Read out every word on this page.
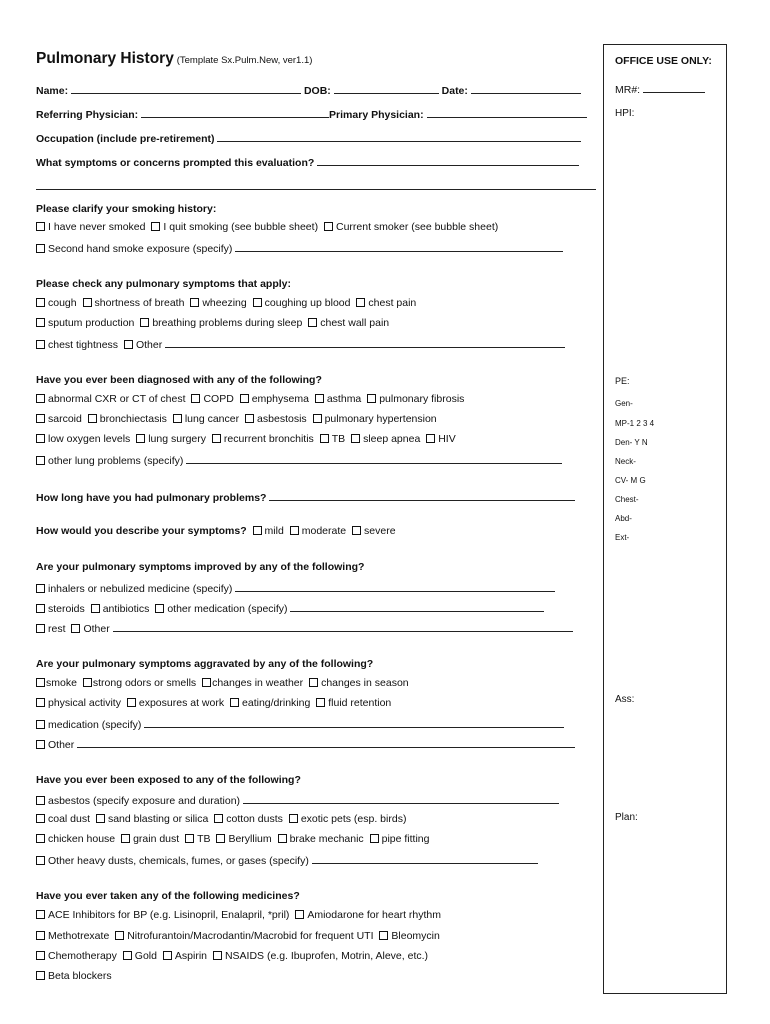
Pulmonary History (Template Sx.Pulm.New, ver1.1)
Name:	DOB:	Date:
Referring Physician:	Primary Physician:
Occupation (include pre-retirement)
What symptoms or concerns prompted this evaluation?
Please clarify your smoking history:
I have never smoked I quit smoking (see bubble sheet) Current smoker (see bubble sheet)
Second hand smoke exposure (specify)
Please check any pulmonary symptoms that apply:
cough shortness of breath wheezing coughing up blood chest pain
sputum production breathing problems during sleep chest wall pain
chest tightness Other
Have you ever been diagnosed with any of the following?
abnormal CXR or CT of chest COPD emphysema asthma pulmonary fibrosis
sarcoid bronchiectasis lung cancer asbestosis pulmonary hypertension
low oxygen levels lung surgery recurrent bronchitis TB sleep apnea HIV
other lung problems (specify)
How long have you had pulmonary problems?
How would you describe your symptoms? mild moderate severe
Are your pulmonary symptoms improved by any of the following?
inhalers or nebulized medicine (specify)
steroids antibiotics other medication (specify)
rest Other
Are your pulmonary symptoms aggravated by any of the following?
smoke strong odors or smells changes in weather changes in season
physical activity exposures at work eating/drinking fluid retention
medication (specify)
Other
Have you ever been exposed to any of the following?
asbestos (specify exposure and duration)
coal dust sand blasting or silica cotton dusts exotic pets (esp. birds)
chicken house grain dust TB Beryllium brake mechanic pipe fitting
Other heavy dusts, chemicals, fumes, or gases (specify)
Have you ever taken any of the following medicines?
ACE Inhibitors for BP (e.g. Lisinopril, Enalapril, *pril) Amiodarone for heart rhythm
Methotrexate Nitrofurantoin/Macrodantin/Macrobid for frequent UTI Bleomycin
Chemotherapy Gold Aspirin NSAIDS (e.g. Ibuprofen, Motrin, Aleve, etc.)
Beta blockers
OFFICE USE ONLY:
MR#:
HPI:
PE:
Gen-
MP-1 2 3 4
Den- Y N
Neck-
CV- M G
Chest-
Abd-
Ext-
Ass:
Plan:
